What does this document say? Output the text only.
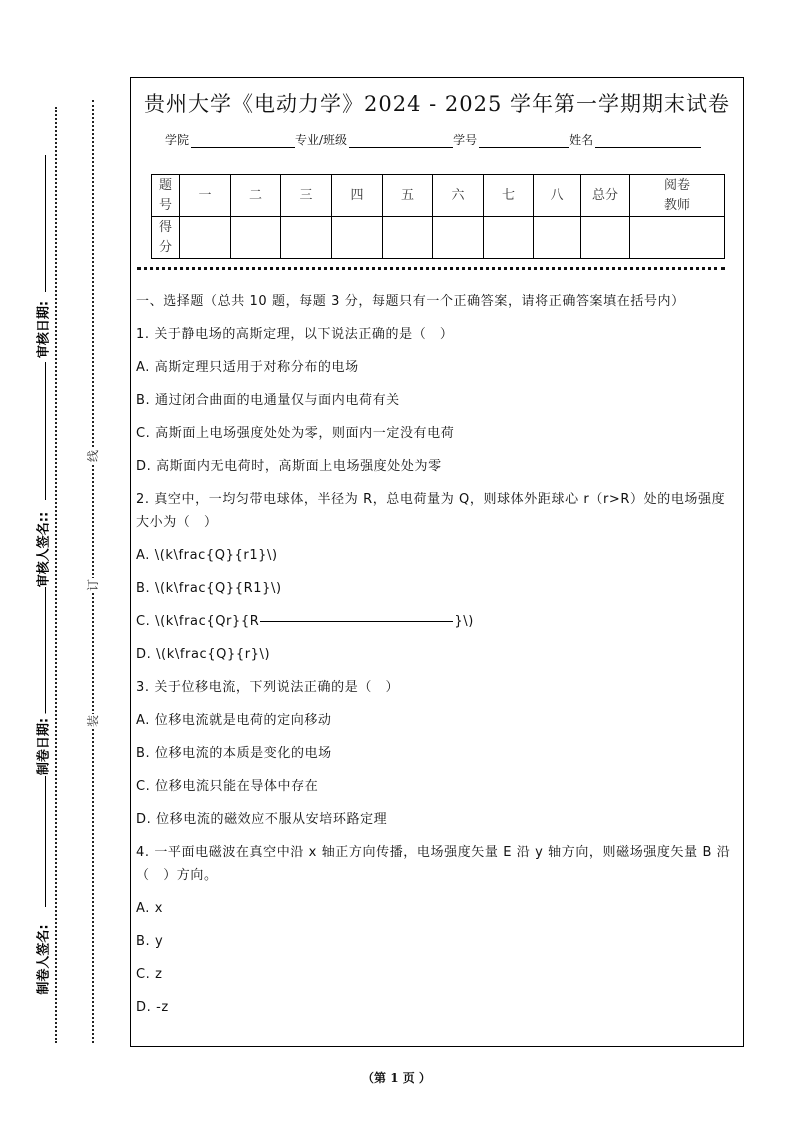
审核日期:
审核人签名::
制卷日期:
制卷人签名:
线
订
装
贵州大学《电动力学》2024 - 2025 学年第一学期期末试卷
学院	专业/班级	学号	姓名
题
号	一	二	三	四	五	六	七	八	总分	阅卷
教师
得
分										

一、选择题（总共 10 题，每题 3 分，每题只有一个正确答案，请将正确答案填在括号内）

1. 关于静电场的高斯定理，以下说法正确的是（　）

A. 高斯定理只适用于对称分布的电场

B. 通过闭合曲面的电通量仅与面内电荷有关

C. 高斯面上电场强度处处为零，则面内一定没有电荷

D. 高斯面内无电荷时，高斯面上电场强度处处为零

2. 真空中，一均匀带电球体，半径为 R，总电荷量为 Q，则球体外距球心 r（r>R）处的电场强度大小为（　）

A. \(k\frac{Q}{r1}\)

B. \(k\frac{Q}{R1}\)

C. \(k\frac{Qr}{R	}\)

D. \(k\frac{Q}{r}\)

3. 关于位移电流，下列说法正确的是（　）

A. 位移电流就是电荷的定向移动

B. 位移电流的本质是变化的电场

C. 位移电流只能在导体中存在

D. 位移电流的磁效应不服从安培环路定理

4. 一平面电磁波在真空中沿 x 轴正方向传播，电场强度矢量 E 沿 y 轴方向，则磁场强度矢量 B 沿（　）方向。

A. x

B. y

C. z

D. -z

（第 1 页 ）
